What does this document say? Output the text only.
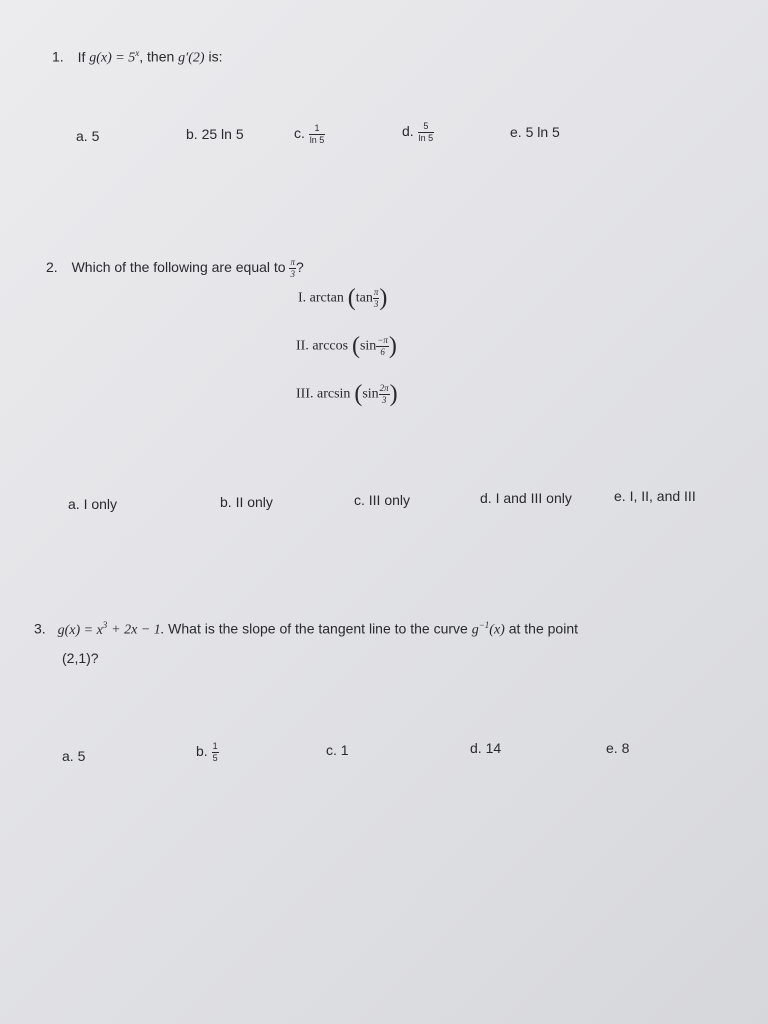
1. If $g(x) = 5^x$, then g′(2) is:
a. 5	b. 25 ln 5	c. $\frac{1}{\ln 5}$	d. $\frac{5}{\ln 5}$	e. 5 ln 5
2. Which of the following are equal to $\frac{\pi}{3}$ ?
I. $\arctan (\tan \frac{\pi}{3}$ )
II. $\arccos (\sin \frac{-\pi}{6}$ )
III. $\arcsin (\sin \frac{2\pi}{3}$ )
a. I only	b. II only	c. III only	d. I and III only	e. I, II, and III
3. $g(x) = x^3 + 2x - 1$. What is the slope of the tangent line to the curve $g^{-1}(x)$ at the point
(2,1)?
a. 5	b. $\frac{1}{5}$	c. 1	d. 14	e. 8
